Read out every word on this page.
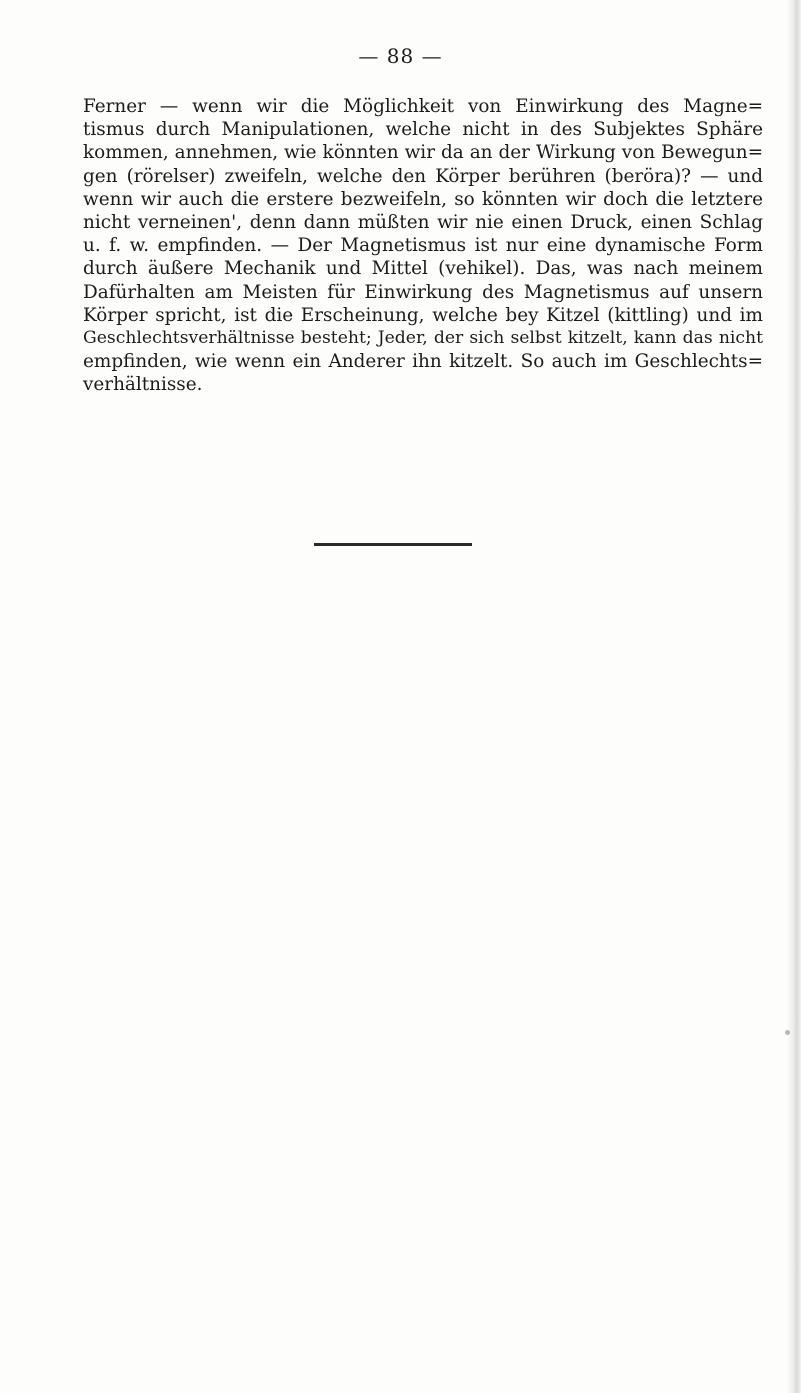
— 88 —
Ferner — wenn wir die Möglichkeit von Einwirkung des Magne=
tismus durch Manipulationen, welche nicht in des Subjektes Sphäre
kommen, annehmen, wie könnten wir da an der Wirkung von Bewegun=
gen (rörelser) zweifeln, welche den Körper berühren (beröra)? — und
wenn wir auch die erstere bezweifeln, so könnten wir doch die letztere
nicht verneinen', denn dann müßten wir nie einen Druck, einen Schlag
u. f. w. empfinden. — Der Magnetismus ist nur eine dynamische Form
durch äußere Mechanik und Mittel (vehikel). Das, was nach meinem
Dafürhalten am Meisten für Einwirkung des Magnetismus auf unsern
Körper spricht, ist die Erscheinung, welche bey Kitzel (kittling) und im
Geschlechtsverhältnisse besteht; Jeder, der sich selbst kitzelt, kann das nicht
empfinden, wie wenn ein Anderer ihn kitzelt. So auch im Geschlechts=
verhältnisse.
